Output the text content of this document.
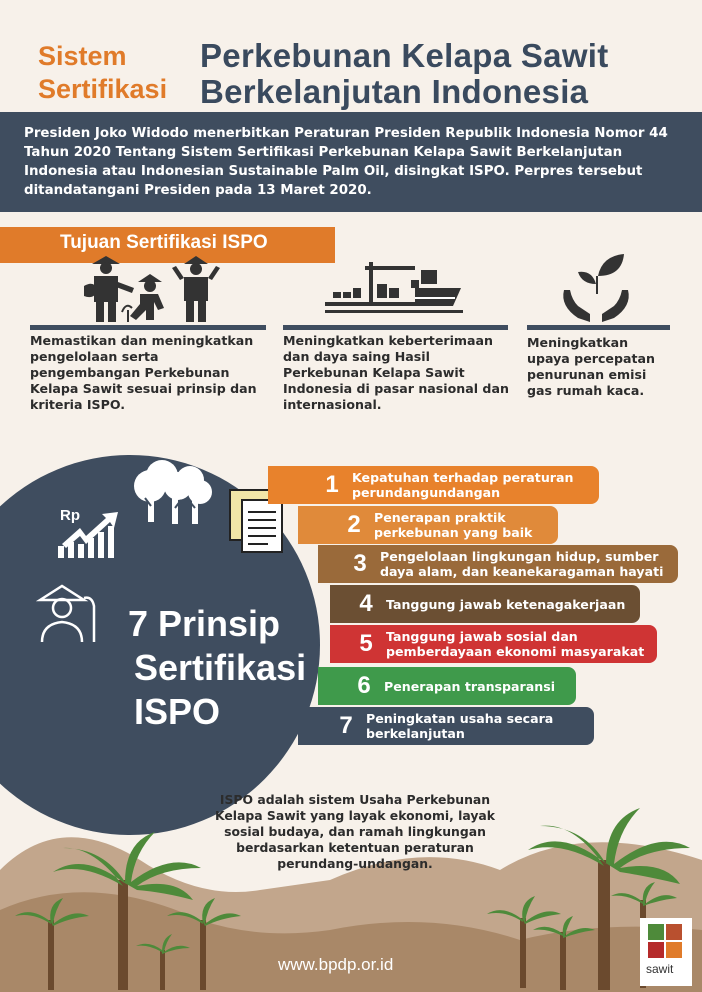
Sistem
Sertifikasi
Perkebunan Kelapa Sawit
Berkelanjutan Indonesia
Presiden Joko Widodo menerbitkan Peraturan Presiden Republik Indonesia Nomor 44 Tahun 2020 Tentang Sistem Sertifikasi Perkebunan Kelapa Sawit Berkelanjutan Indonesia atau Indonesian Sustainable Palm Oil, disingkat ISPO. Perpres tersebut ditandatangani Presiden pada 13 Maret 2020.
Tujuan Sertifikasi ISPO
Memastikan dan meningkatkan pengelolaan serta pengembangan Perkebunan Kelapa Sawit sesuai prinsip dan kriteria ISPO.
Meningkatkan keberterimaan dan daya saing Hasil Perkebunan Kelapa Sawit Indonesia di pasar nasional dan internasional.
Meningkatkan upaya percepatan penurunan emisi gas rumah kaca.
Rp
7 Prinsip
Sertifikasi
ISPO
1	Kepatuhan terhadap peraturan perundangundangan
2	Penerapan praktik perkebunan yang baik
3	Pengelolaan lingkungan hidup, sumber daya alam, dan keanekaragaman hayati
4	Tanggung jawab ketenagakerjaan
5	Tanggung jawab sosial dan pemberdayaan ekonomi masyarakat
6	Penerapan transparansi
7	Peningkatan usaha secara berkelanjutan
ISPO adalah sistem Usaha Perkebunan Kelapa Sawit yang layak ekonomi, layak sosial budaya, dan ramah lingkungan berdasarkan ketentuan peraturan perundang-undangan.
www.bpdp.or.id	sawit
